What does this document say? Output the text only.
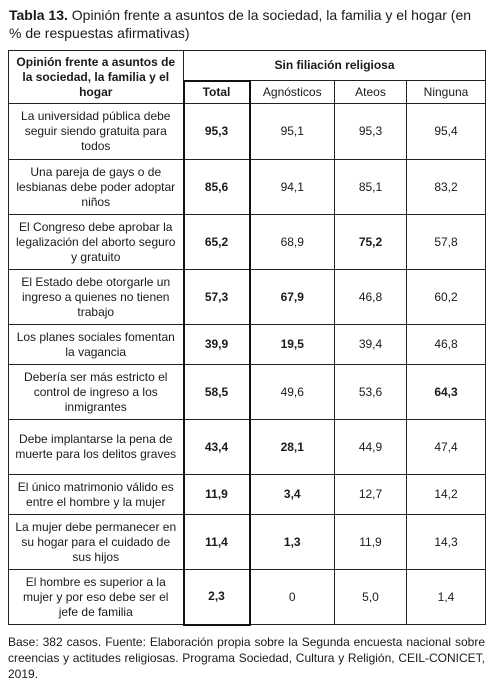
Tabla 13. Opinión frente a asuntos de la sociedad, la familia y el hogar (en % de respuestas afirmativas)
Opinión frente a asuntos de la sociedad, la familia y el hogar	Sin filiación religiosa			
	Total	Agnósticos	Ateos	Ninguna
La universidad pública debe seguir siendo gratuita para todos	95,3	95,1	95,3	95,4
Una pareja de gays o de lesbianas debe poder adoptar niños	85,6	94,1	85,1	83,2
El Congreso debe aprobar la legalización del aborto seguro y gratuito	65,2	68,9	75,2	57,8
El Estado debe otorgarle un ingreso a quienes no tienen trabajo	57,3	67,9	46,8	60,2
Los planes sociales fomentan la vagancia	39,9	19,5	39,4	46,8
Debería ser más estricto el control de ingreso a los inmigrantes	58,5	49,6	53,6	64,3
Debe implantarse la pena de muerte para los delitos graves	43,4	28,1	44,9	47,4
El único matrimonio válido es entre el hombre y la mujer	11,9	3,4	12,7	14,2
La mujer debe permanecer en su hogar para el cuidado de sus hijos	11,4	1,3	11,9	14,3
El hombre es superior a la mujer y por eso debe ser el jefe de familia	2,3	0	5,0	1,4
Base: 382 casos. Fuente: Elaboración propia sobre la Segunda encuesta nacional sobre creencias y actitudes religiosas. Programa Sociedad, Cultura y Religión, CEIL-CONICET, 2019.
